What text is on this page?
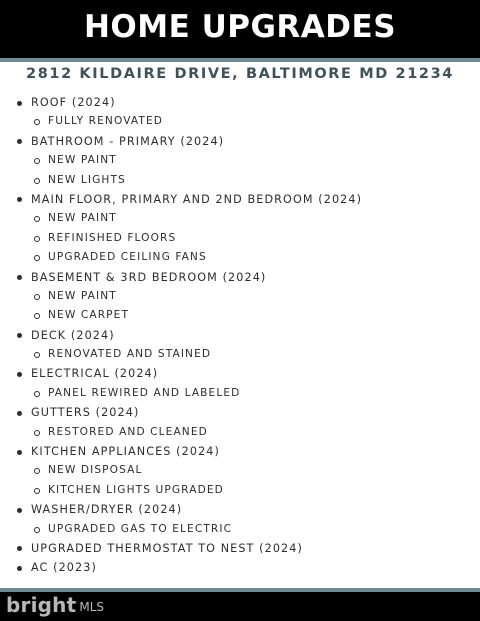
HOME UPGRADES
2812 KILDAIRE DRIVE, BALTIMORE MD 21234
ROOF (2024)
FULLY RENOVATED
BATHROOM - PRIMARY (2024)
NEW PAINT
NEW LIGHTS
MAIN FLOOR, PRIMARY AND 2ND BEDROOM (2024)
NEW PAINT
REFINISHED FLOORS
UPGRADED CEILING FANS
BASEMENT & 3RD BEDROOM (2024)
NEW PAINT
NEW CARPET
DECK (2024)
RENOVATED AND STAINED
ELECTRICAL (2024)
PANEL REWIRED AND LABELED
GUTTERS (2024)
RESTORED AND CLEANED
KITCHEN APPLIANCES (2024)
NEW DISPOSAL
KITCHEN LIGHTS UPGRADED
WASHER/DRYER (2024)
UPGRADED GAS TO ELECTRIC
UPGRADED THERMOSTAT TO NEST (2024)
AC (2023)
bright MLS
